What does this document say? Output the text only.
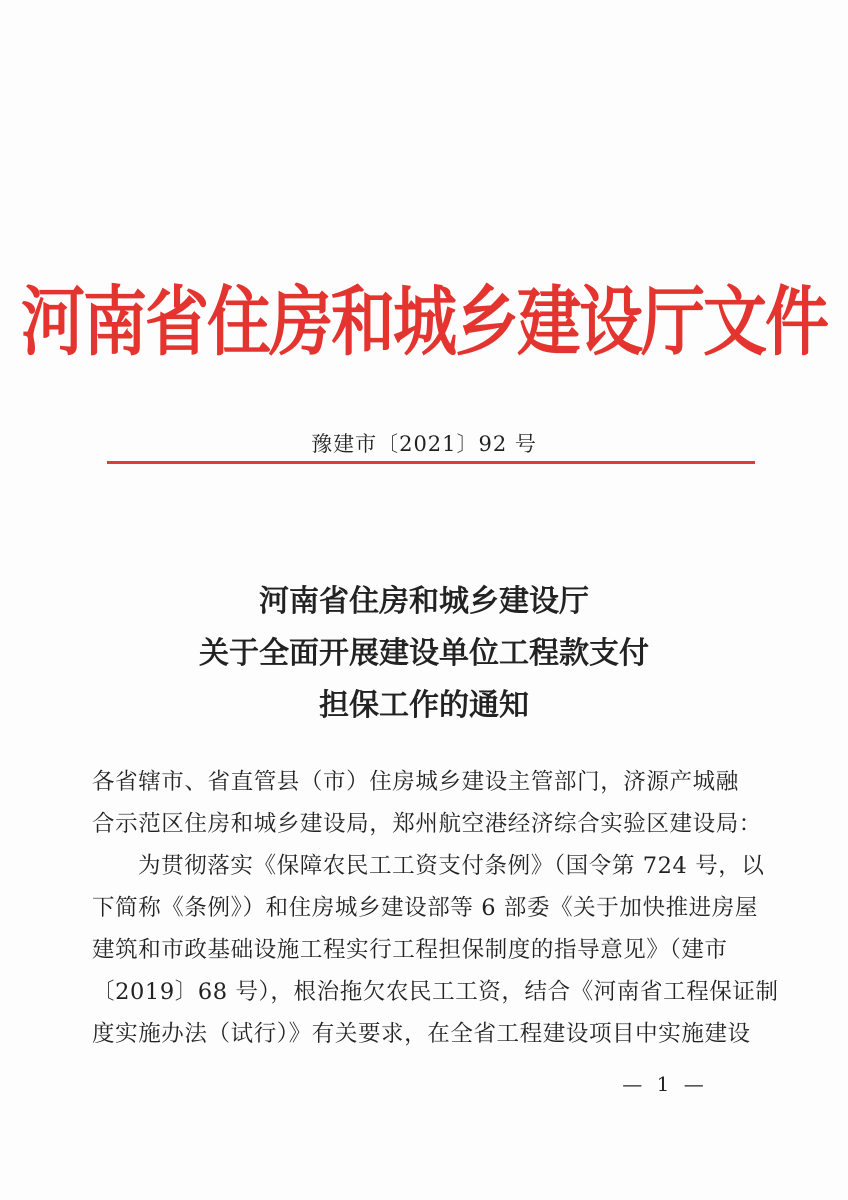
河南省住房和城乡建设厅文件
豫建市〔2021〕92 号
河南省住房和城乡建设厅
关于全面开展建设单位工程款支付
担保工作的通知
各省辖市、省直管县（市）住房城乡建设主管部门，济源产城融
合示范区住房和城乡建设局，郑州航空港经济综合实验区建设局：
为贯彻落实《保障农民工工资支付条例》（国令第 724 号，以
下简称《条例》）和住房城乡建设部等 6 部委《关于加快推进房屋
建筑和市政基础设施工程实行工程担保制度的指导意见》（建市
〔2019〕68 号），根治拖欠农民工工资，结合《河南省工程保证制
度实施办法（试行）》有关要求，在全省工程建设项目中实施建设
— 1 —
